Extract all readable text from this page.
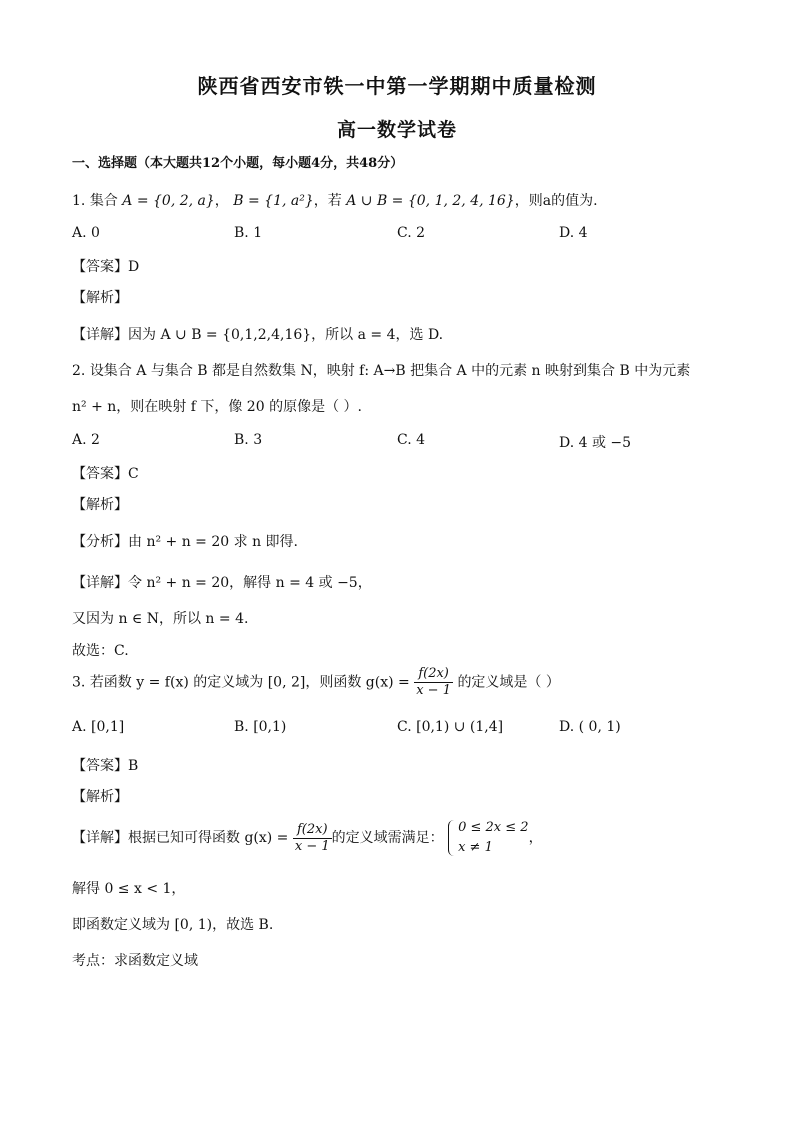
陕西省西安市铁一中第一学期期中质量检测
高一数学试卷
一、选择题（本大题共12个小题，每小题4分，共48分）
1. 集合 A = {0, 2, a}， B = {1, a²}，若 A ∪ B = {0, 1, 2, 4, 16}，则a的值为.
A. 0	B. 1	C. 2	D. 4
【答案】D
【解析】
【详解】因为 A ∪ B = {0,1,2,4,16}，所以 a = 4，选 D.
2. 设集合 A 与集合 B 都是自然数集 N，映射 f: A→B 把集合 A 中的元素 n 映射到集合 B 中为元素
n² + n，则在映射 f 下，像 20 的原像是（ ）.
A. 2	B. 3	C. 4	D. 4 或 −5
【答案】C
【解析】
【分析】由 n² + n = 20 求 n 即得.
【详解】令 n² + n = 20，解得 n = 4 或 −5，
又因为 n ∈ N，所以 n = 4.
故选：C.
3. 若函数 y = f(x) 的定义域为 [0, 2]，则函数 $g(x) = \frac{f(2x)}{x - 1}$ 的定义域是（ ）
A. [0,1]	B. [0,1)	C. [0,1) ∪ (1,4]	D. ( 0, 1)
【答案】B
【解析】
【详解】根据已知可得函数 $g(x) = \frac{f(2x)}{x - 1}$ 的定义域需满足：
0 ≤ 2x ≤ 2
x ≠ 1
，
解得 0 ≤ x < 1，
即函数定义域为 [0, 1)，故选 B.
考点：求函数定义域
